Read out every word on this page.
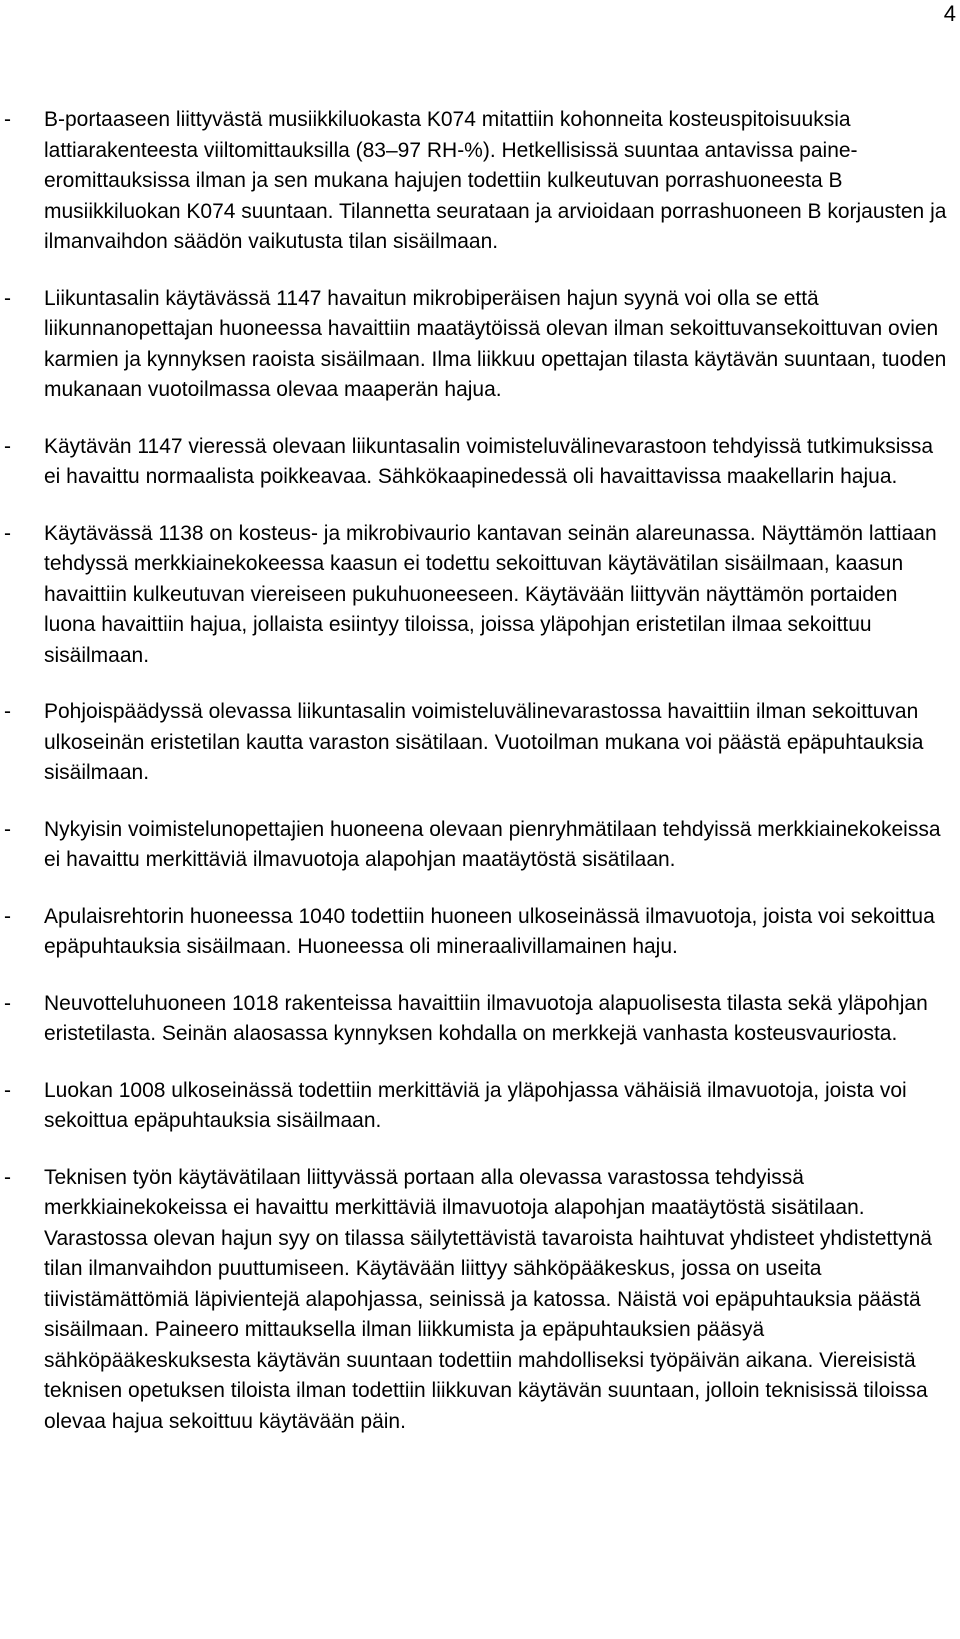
4
- B-portaaseen liittyvästä musiikkiluokasta K074 mitattiin kohonneita kosteuspitoisuuksia lattiarakenteesta viiltomittauksilla (83–97 RH-%). Hetkellisissä suuntaa antavissa paine-eromittauksissa ilman ja sen mukana hajujen todettiin kulkeutuvan porrashuoneesta B musiikkiluokan K074 suuntaan. Tilannetta seurataan ja arvioidaan porrashuoneen B korjausten ja ilmanvaihdon säädön vaikutusta tilan sisäilmaan.
- Liikuntasalin käytävässä 1147 havaitun mikrobiperäisen hajun syynä voi olla se että liikunnanopettajan huoneessa havaittiin maatäytöissä olevan ilman sekoittuvansekoittuvan ovien karmien ja kynnyksen raoista sisäilmaan. Ilma liikkuu opettajan tilasta käytävän suuntaan, tuoden mukanaan vuotoilmassa olevaa maaperän hajua.
- Käytävän 1147 vieressä olevaan liikuntasalin voimisteluvälinevarastoon tehdyissä tutkimuksissa ei havaittu normaalista poikkeavaa. Sähkökaapinedessä oli havaittavissa maakellarin hajua.
- Käytävässä 1138 on kosteus- ja mikrobivaurio kantavan seinän alareunassa. Näyttämön lattiaan tehdyssä merkkiainekokeessa kaasun ei todettu sekoittuvan käytävätilan sisäilmaan, kaasun havaittiin kulkeutuvan viereiseen pukuhuoneeseen. Käytävään liittyvän näyttämön portaiden luona havaittiin hajua, jollaista esiintyy tiloissa, joissa yläpohjan eristetilan ilmaa sekoittuu sisäilmaan.
- Pohjoispäädyssä olevassa liikuntasalin voimisteluvälinevarastossa havaittiin ilman sekoittuvan ulkoseinän eristetilan kautta varaston sisätilaan. Vuotoilman mukana voi päästä epäpuhtauksia sisäilmaan.
- Nykyisin voimistelunopettajien huoneena olevaan pienryhmätilaan tehdyissä merkkiainekokeissa ei havaittu merkittäviä ilmavuotoja alapohjan maatäytöstä sisätilaan.
- Apulaisrehtorin huoneessa 1040 todettiin huoneen ulkoseinässä ilmavuotoja, joista voi sekoittua epäpuhtauksia sisäilmaan. Huoneessa oli mineraalivillamainen haju.
- Neuvotteluhuoneen 1018 rakenteissa havaittiin ilmavuotoja alapuolisesta tilasta sekä yläpohjan eristetilasta. Seinän alaosassa kynnyksen kohdalla on merkkejä vanhasta kosteusvauriosta.
- Luokan 1008 ulkoseinässä todettiin merkittäviä ja yläpohjassa vähäisiä ilmavuotoja, joista voi sekoittua epäpuhtauksia sisäilmaan.
- Teknisen työn käytävätilaan liittyvässä portaan alla olevassa varastossa tehdyissä merkkiainekokeissa ei havaittu merkittäviä ilmavuotoja alapohjan maatäytöstä sisätilaan. Varastossa olevan hajun syy on tilassa säilytettävistä tavaroista haihtuvat yhdisteet yhdistettynä tilan ilmanvaihdon puuttumiseen. Käytävään liittyy sähköpääkeskus, jossa on useita tiivistämättömiä läpivientejä alapohjassa, seinissä ja katossa. Näistä voi epäpuhtauksia päästä sisäilmaan. Paineero mittauksella ilman liikkumista ja epäpuhtauksien pääsyä sähköpääkeskuksesta käytävän suuntaan todettiin mahdolliseksi työpäivän aikana. Viereisistä teknisen opetuksen tiloista ilman todettiin liikkuvan käytävän suuntaan, jolloin teknisissä tiloissa olevaa hajua sekoittuu käytävään päin.
